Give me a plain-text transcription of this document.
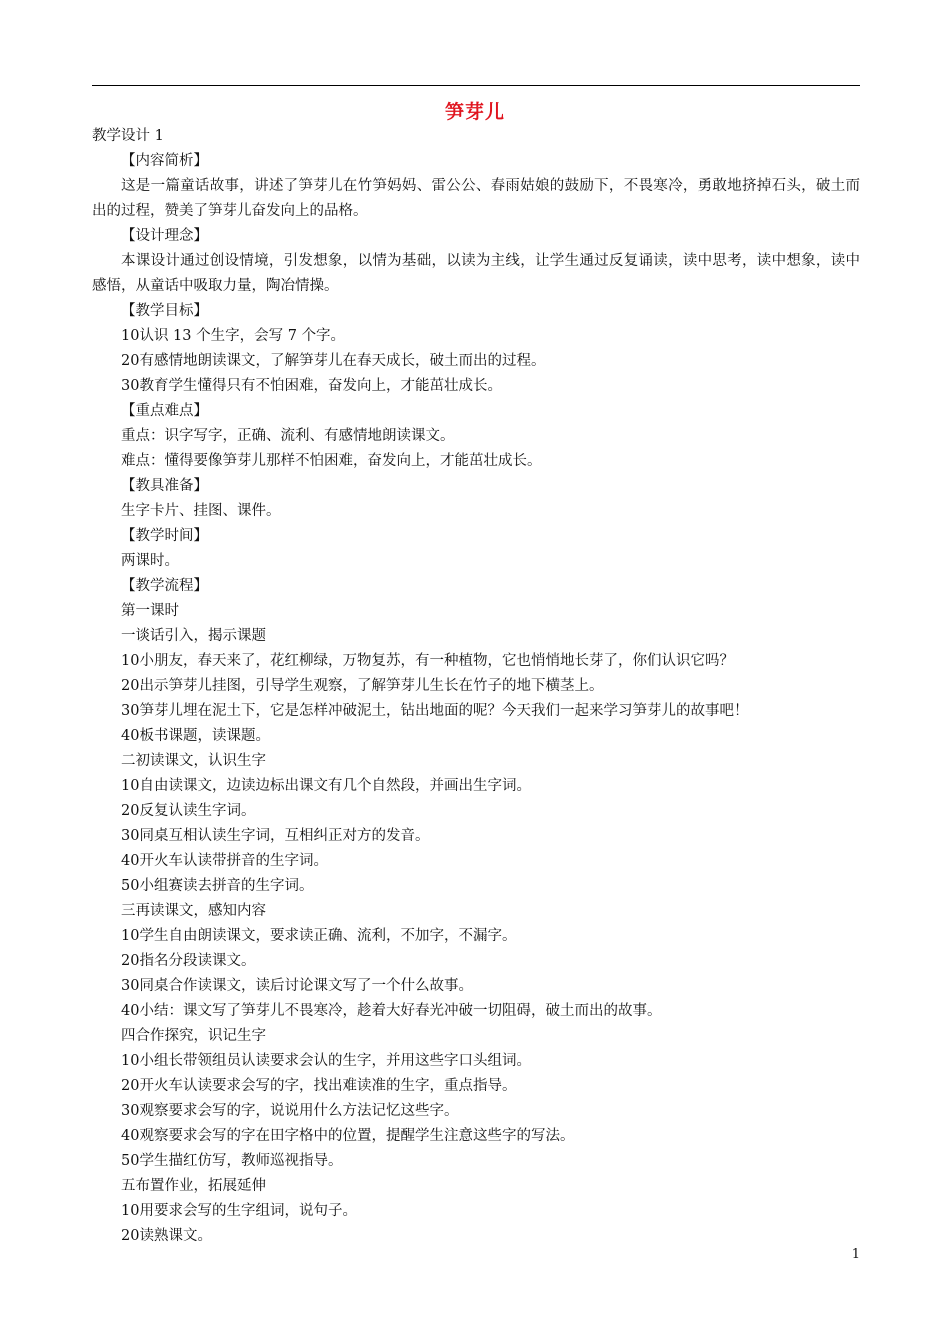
笋芽儿

教学设计 1

【内容简析】

这是一篇童话故事，讲述了笋芽儿在竹笋妈妈、雷公公、春雨姑娘的鼓励下，不畏寒冷，勇敢地挤掉石头，破土而出的过程，赞美了笋芽儿奋发向上的品格。

【设计理念】

本课设计通过创设情境，引发想象，以情为基础，以读为主线，让学生通过反复诵读，读中思考，读中想象，读中感悟，从童话中吸取力量，陶冶情操。

【教学目标】

10认识 13 个生字，会写 7 个字。

20有感情地朗读课文，了解笋芽儿在春天成长，破土而出的过程。

30教育学生懂得只有不怕困难，奋发向上，才能茁壮成长。

【重点难点】

重点：识字写字，正确、流利、有感情地朗读课文。

难点：懂得要像笋芽儿那样不怕困难，奋发向上，才能茁壮成长。

【教具准备】

生字卡片、挂图、课件。

【教学时间】

两课时。

【教学流程】

第一课时

一谈话引入，揭示课题

10小朋友，春天来了，花红柳绿，万物复苏，有一种植物，它也悄悄地长芽了，你们认识它吗？

20出示笋芽儿挂图，引导学生观察，了解笋芽儿生长在竹子的地下横茎上。

30笋芽儿埋在泥土下，它是怎样冲破泥土，钻出地面的呢？今天我们一起来学习笋芽儿的故事吧！

40板书课题，读课题。

二初读课文，认识生字

10自由读课文，边读边标出课文有几个自然段，并画出生字词。

20反复认读生字词。

30同桌互相认读生字词，互相纠正对方的发音。

40开火车认读带拼音的生字词。

50小组赛读去拼音的生字词。

三再读课文，感知内容

10学生自由朗读课文，要求读正确、流利，不加字，不漏字。

20指名分段读课文。

30同桌合作读课文，读后讨论课文写了一个什么故事。

40小结：课文写了笋芽儿不畏寒冷，趁着大好春光冲破一切阻碍，破土而出的故事。

四合作探究，识记生字

10小组长带领组员认读要求会认的生字，并用这些字口头组词。

20开火车认读要求会写的字，找出难读准的生字，重点指导。

30观察要求会写的字，说说用什么方法记忆这些字。

40观察要求会写的字在田字格中的位置，提醒学生注意这些字的写法。

50学生描红仿写，教师巡视指导。

五布置作业，拓展延伸

10用要求会写的生字组词，说句子。

20读熟课文。

1
